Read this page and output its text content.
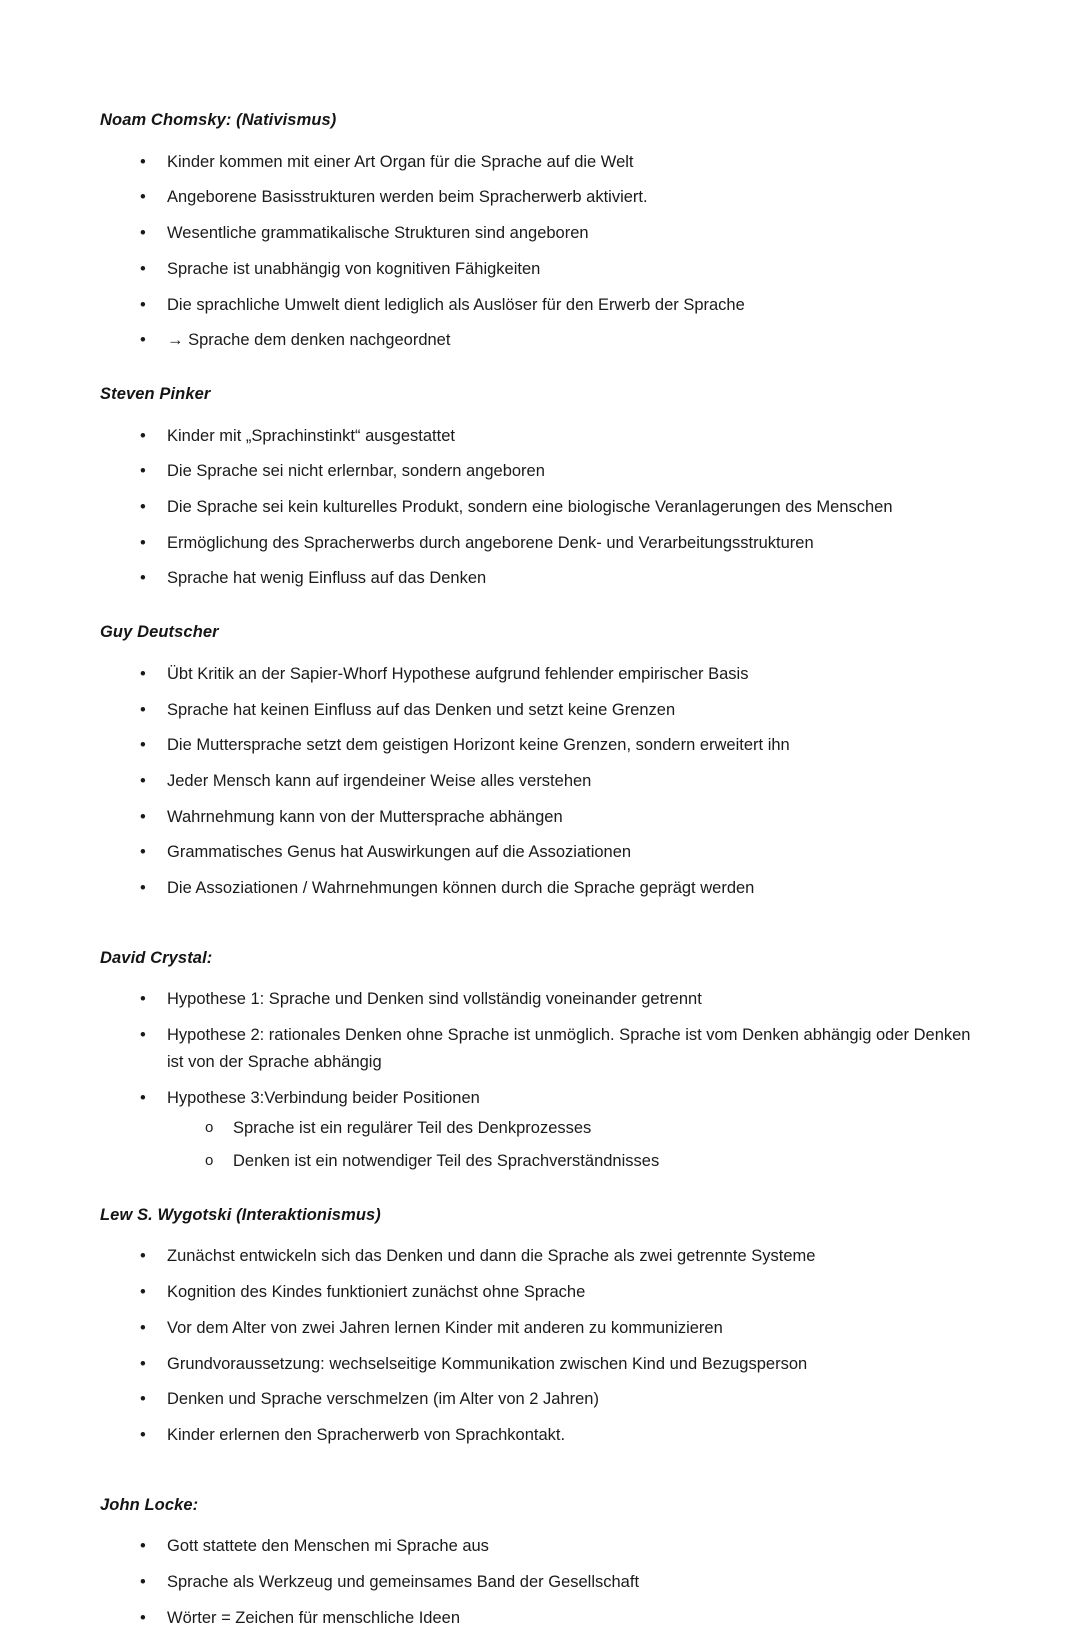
Noam Chomsky: (Nativismus)
•	Kinder kommen mit einer Art Organ für die Sprache auf die Welt
•	Angeborene Basisstrukturen werden beim Spracherwerb aktiviert.
•	Wesentliche grammatikalische Strukturen sind angeboren
•	Sprache ist unabhängig von kognitiven Fähigkeiten
•	Die sprachliche Umwelt dient lediglich als Auslöser für den Erwerb der Sprache
•	→ Sprache dem denken nachgeordnet
Steven Pinker
•	Kinder mit „Sprachinstinkt“ ausgestattet
•	Die Sprache sei nicht erlernbar, sondern angeboren
•	Die Sprache sei kein kulturelles Produkt, sondern eine biologische Veranlagerungen des Menschen
•	Ermöglichung des Spracherwerbs durch angeborene Denk- und Verarbeitungsstrukturen
•	Sprache hat wenig Einfluss auf das Denken
Guy Deutscher
•	Übt Kritik an der Sapier-Whorf Hypothese aufgrund fehlender empirischer Basis
•	Sprache hat keinen Einfluss auf das Denken und setzt keine Grenzen
•	Die Muttersprache setzt dem geistigen Horizont keine Grenzen, sondern erweitert ihn
•	Jeder Mensch kann auf irgendeiner Weise alles verstehen
•	Wahrnehmung kann von der Muttersprache abhängen
•	Grammatisches Genus hat Auswirkungen auf die Assoziationen
•	Die Assoziationen / Wahrnehmungen können durch die Sprache geprägt werden
David Crystal:
•	Hypothese 1: Sprache und Denken sind vollständig voneinander getrennt
•	Hypothese 2: rationales Denken ohne Sprache ist unmöglich. Sprache ist vom Denken abhängig oder Denken ist von der Sprache abhängig
•	Hypothese 3:Verbindung beider Positionen
o Sprache ist ein regulärer Teil des Denkprozesses
o Denken ist ein notwendiger Teil des Sprachverständnisses
Lew S. Wygotski (Interaktionismus)
•	Zunächst entwickeln sich das Denken und dann die Sprache als zwei getrennte Systeme
•	Kognition des Kindes funktioniert zunächst ohne Sprache
•	Vor dem Alter von zwei Jahren lernen Kinder mit anderen zu kommunizieren
•	Grundvoraussetzung: wechselseitige Kommunikation zwischen Kind und Bezugsperson
•	Denken und Sprache verschmelzen (im Alter von 2 Jahren)
•	Kinder erlernen den Spracherwerb von Sprachkontakt.
John Locke:
•	Gott stattete den Menschen mi Sprache aus
•	Sprache als Werkzeug und gemeinsames Band der Gesellschaft
•	Wörter = Zeichen für menschliche Ideen
